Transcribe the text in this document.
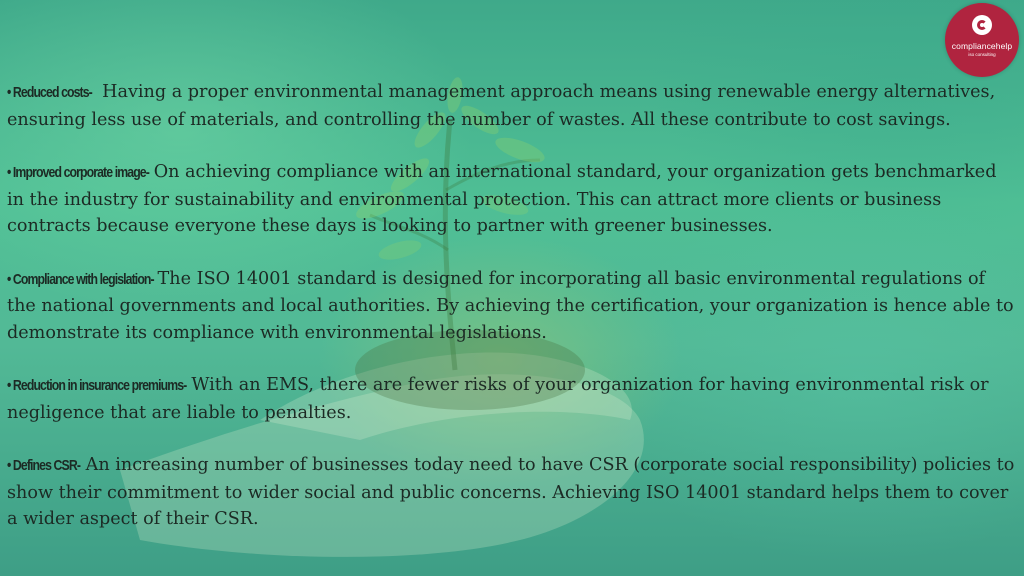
compliancehelp
iso consulting

• Reduced costs- Having a proper environmental management approach means using renewable energy alternatives, ensuring less use of materials, and controlling the number of wastes. All these contribute to cost savings.

• Improved corporate image- On achieving compliance with an international standard, your organization gets benchmarked in the industry for sustainability and environmental protection. This can attract more clients or business contracts because everyone these days is looking to partner with greener businesses.

• Compliance with legislation- The ISO 14001 standard is designed for incorporating all basic environmental regulations of the national governments and local authorities. By achieving the certification, your organization is hence able to demonstrate its compliance with environmental legislations.

• Reduction in insurance premiums- With an EMS, there are fewer risks of your organization for having environmental risk or negligence that are liable to penalties.

• Defines CSR- An increasing number of businesses today need to have CSR (corporate social responsibility) policies to show their commitment to wider social and public concerns. Achieving ISO 14001 standard helps them to cover a wider aspect of their CSR.
